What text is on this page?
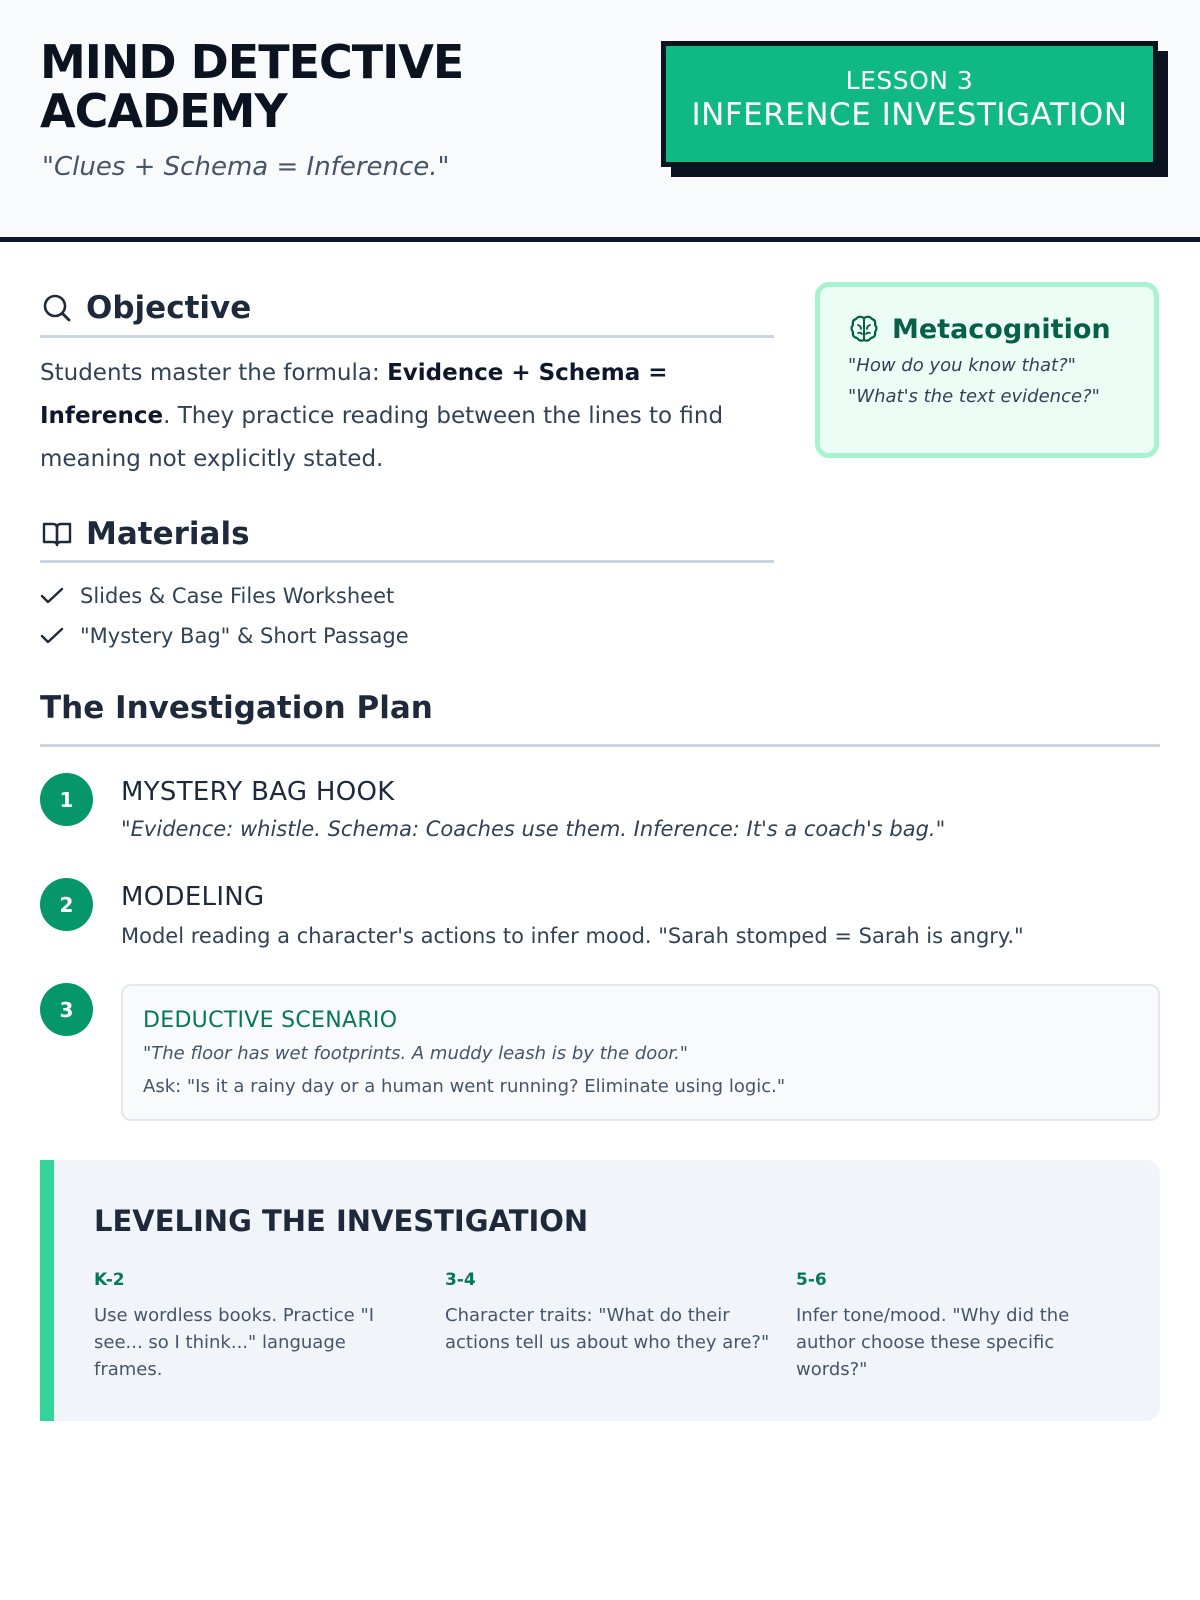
MIND DETECTIVE
ACADEMY
"Clues + Schema = Inference."
LESSON 3
INFERENCE INVESTIGATION
Objective
Students master the formula: Evidence + Schema = Inference. They practice reading between the lines to find meaning not explicitly stated.
Materials
Slides & Case Files Worksheet
"Mystery Bag" & Short Passage
Metacognition
"How do you know that?"
"What's the text evidence?"
The Investigation Plan
1	MYSTERY BAG HOOK
"Evidence: whistle. Schema: Coaches use them. Inference: It's a coach's bag."
2	MODELING
Model reading a character's actions to infer mood. "Sarah stomped = Sarah is angry."
3	DEDUCTIVE SCENARIO
"The floor has wet footprints. A muddy leash is by the door."
Ask: "Is it a rainy day or a human went running? Eliminate using logic."
LEVELING THE INVESTIGATION
K-2
Use wordless books. Practice "I see... so I think..." language frames.
3-4
Character traits: "What do their actions tell us about who they are?"
5-6
Infer tone/mood. "Why did the author choose these specific words?"
